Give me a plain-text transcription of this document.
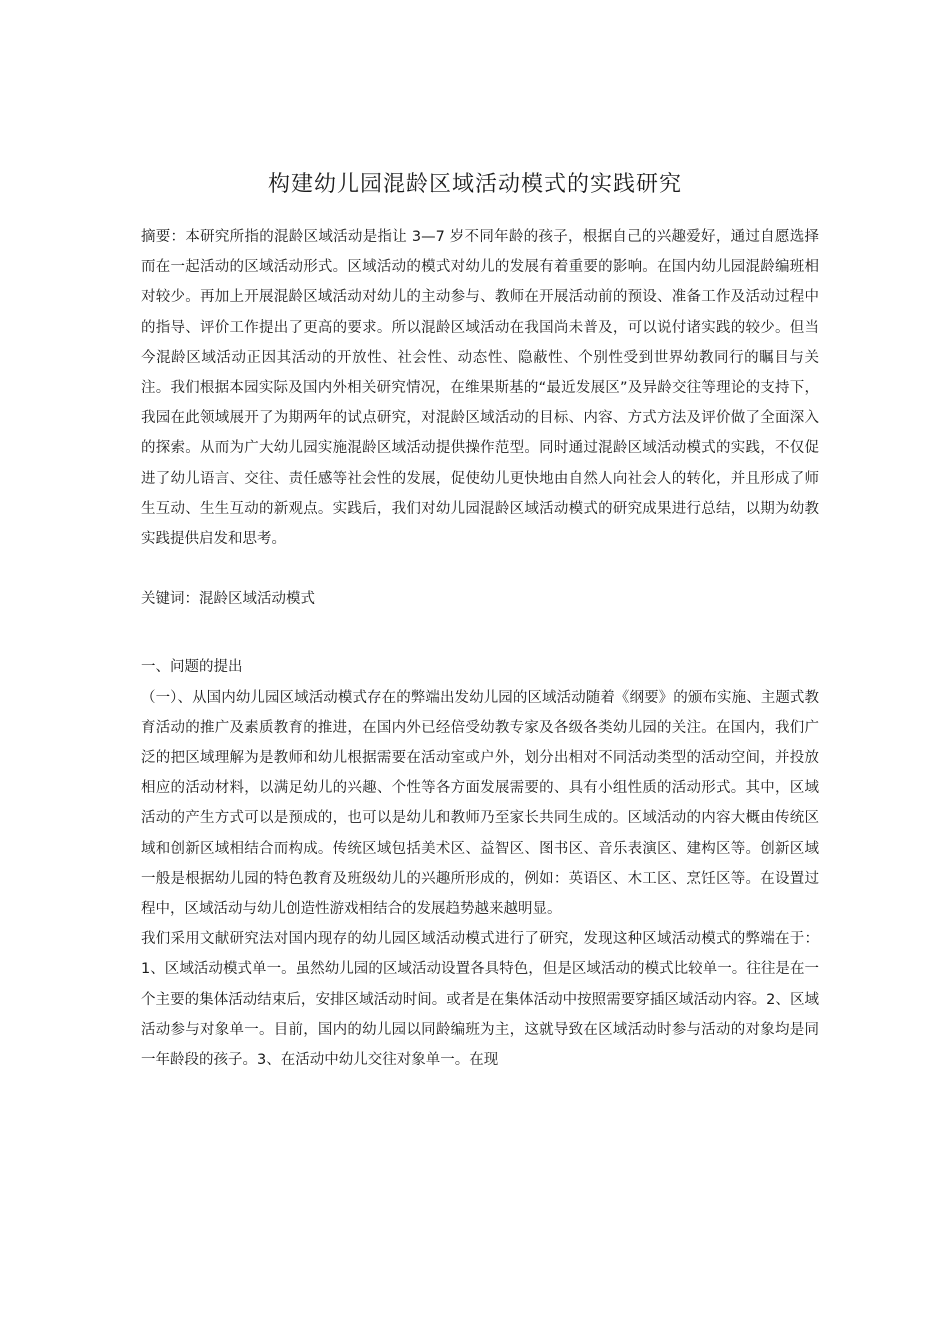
构建幼儿园混龄区域活动模式的实践研究

摘要：本研究所指的混龄区域活动是指让 3—7 岁不同年龄的孩子，根据自己的兴趣爱好，通过自愿选择而在一起活动的区域活动形式。区域活动的模式对幼儿的发展有着重要的影响。在国内幼儿园混龄编班相对较少。再加上开展混龄区域活动对幼儿的主动参与、教师在开展活动前的预设、准备工作及活动过程中的指导、评价工作提出了更高的要求。所以混龄区域活动在我国尚未普及，可以说付诸实践的较少。但当今混龄区域活动正因其活动的开放性、社会性、动态性、隐蔽性、个别性受到世界幼教同行的瞩目与关注。我们根据本园实际及国内外相关研究情况，在维果斯基的“最近发展区”及异龄交往等理论的支持下，我园在此领域展开了为期两年的试点研究，对混龄区域活动的目标、内容、方式方法及评价做了全面深入的探索。从而为广大幼儿园实施混龄区域活动提供操作范型。同时通过混龄区域活动模式的实践，不仅促进了幼儿语言、交往、责任感等社会性的发展，促使幼儿更快地由自然人向社会人的转化，并且形成了师生互动、生生互动的新观点。实践后，我们对幼儿园混龄区域活动模式的研究成果进行总结，以期为幼教实践提供启发和思考。

关键词：混龄区域活动模式

一、问题的提出

（一）、从国内幼儿园区域活动模式存在的弊端出发幼儿园的区域活动随着《纲要》的颁布实施、主题式教育活动的推广及素质教育的推进，在国内外已经倍受幼教专家及各级各类幼儿园的关注。在国内，我们广泛的把区域理解为是教师和幼儿根据需要在活动室或户外，划分出相对不同活动类型的活动空间，并投放相应的活动材料，以满足幼儿的兴趣、个性等各方面发展需要的、具有小组性质的活动形式。其中，区域活动的产生方式可以是预成的，也可以是幼儿和教师乃至家长共同生成的。区域活动的内容大概由传统区域和创新区域相结合而构成。传统区域包括美术区、益智区、图书区、音乐表演区、建构区等。创新区域一般是根据幼儿园的特色教育及班级幼儿的兴趣所形成的，例如：英语区、木工区、烹饪区等。在设置过程中，区域活动与幼儿创造性游戏相结合的发展趋势越来越明显。

我们采用文献研究法对国内现存的幼儿园区域活动模式进行了研究，发现这种区域活动模式的弊端在于：1、区域活动模式单一。虽然幼儿园的区域活动设置各具特色，但是区域活动的模式比较单一。往往是在一个主要的集体活动结束后，安排区域活动时间。或者是在集体活动中按照需要穿插区域活动内容。2、区域活动参与对象单一。目前，国内的幼儿园以同龄编班为主，这就导致在区域活动时参与活动的对象均是同一年龄段的孩子。3、在活动中幼儿交往对象单一。在现
